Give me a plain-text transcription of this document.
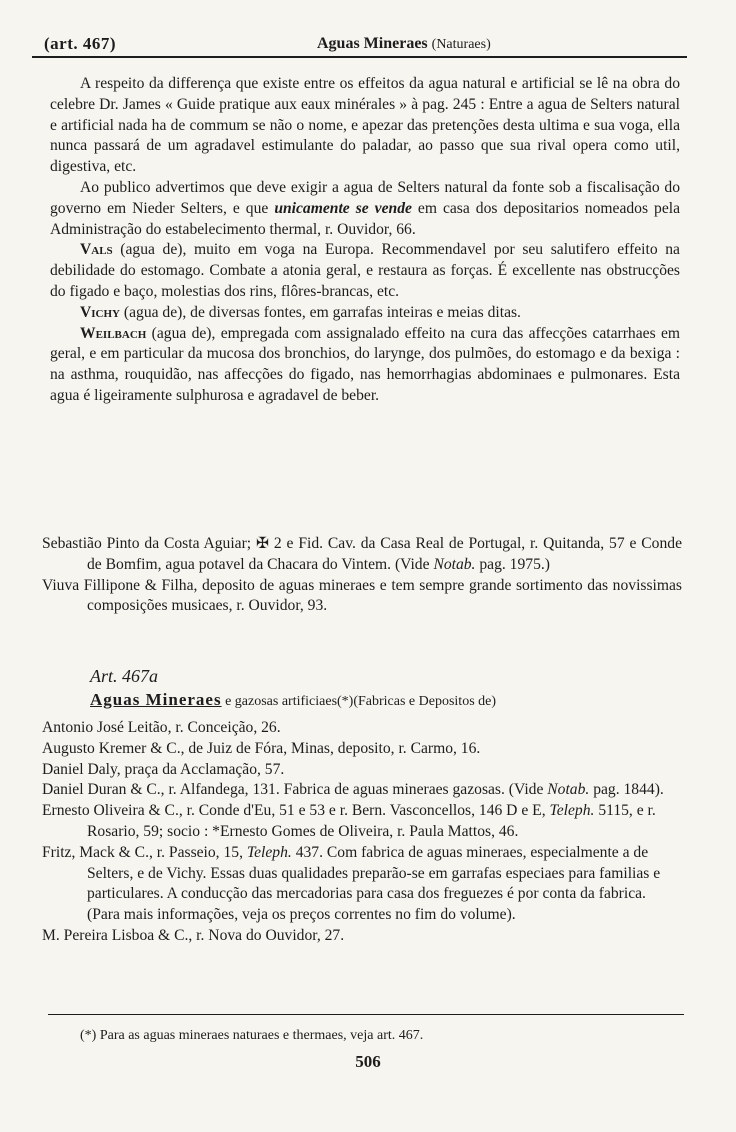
(art. 467)	Aguas Mineraes (Naturaes)

A respeito da differença que existe entre os effeitos da agua natural e artificial se lê na obra do celebre Dr. James « Guide pratique aux eaux minérales » à pag. 245 : Entre a agua de Selters natural e artificial nada ha de commum se não o nome, e apezar das pretenções desta ultima e sua voga, ella nunca passará de um agradavel estimulante do paladar, ao passo que sua rival opera como util, digestiva, etc.

Ao publico advertimos que deve exigir a agua de Selters natural da fonte sob a fiscalisação do governo em Nieder Selters, e que unicamente se vende em casa dos depositarios nomeados pela Administração do estabelecimento thermal, r. Ouvidor, 66.

Vals (agua de), muito em voga na Europa. Recommendavel por seu salutifero effeito na debilidade do estomago. Combate a atonia geral, e restaura as forças. É excellente nas obstrucções do figado e baço, molestias dos rins, flôres-brancas, etc.

Vichy (agua de), de diversas fontes, em garrafas inteiras e meias ditas.

Weilbach (agua de), empregada com assignalado effeito na cura das affecções catarrhaes em geral, e em particular da mucosa dos bronchios, do larynge, dos pulmões, do estomago e da bexiga : na asthma, rouquidão, nas affecções do figado, nas hemorrhagias abdominaes e pulmonares. Esta agua é ligeiramente sulphurosa e agradavel de beber.

Sebastião Pinto da Costa Aguiar; ✠ 2 e Fid. Cav. da Casa Real de Portugal, r. Quitanda, 57 e Conde de Bomfim, agua potavel da Chacara do Vintem. (Vide Notab. pag. 1975.)

Viuva Fillipone & Filha, deposito de aguas mineraes e tem sempre grande sortimento das novissimas composições musicaes, r. Ouvidor, 93.

Art. 467a
Aguas Mineraes e gazosas artificiaes(*)(Fabricas e Depositos de)

Antonio José Leitão, r. Conceição, 26.

Augusto Kremer & C., de Juiz de Fóra, Minas, deposito, r. Carmo, 16.

Daniel Daly, praça da Acclamação, 57.

Daniel Duran & C., r. Alfandega, 131. Fabrica de aguas mineraes gazosas. (Vide Notab. pag. 1844).

Ernesto Oliveira & C., r. Conde d'Eu, 51 e 53 e r. Bern. Vasconcellos, 146 D e E, Teleph. 5115, e r. Rosario, 59; socio : *Ernesto Gomes de Oliveira, r. Paula Mattos, 46.

Fritz, Mack & C., r. Passeio, 15, Teleph. 437. Com fabrica de aguas mineraes, especialmente a de Selters, e de Vichy. Essas duas qualidades preparão-se em garrafas especiaes para familias e particulares. A conducção das mercadorias para casa dos freguezes é por conta da fabrica. (Para mais informações, veja os preços correntes no fim do volume).

M. Pereira Lisboa & C., r. Nova do Ouvidor, 27.

(*) Para as aguas mineraes naturaes e thermaes, veja art. 467.
506
